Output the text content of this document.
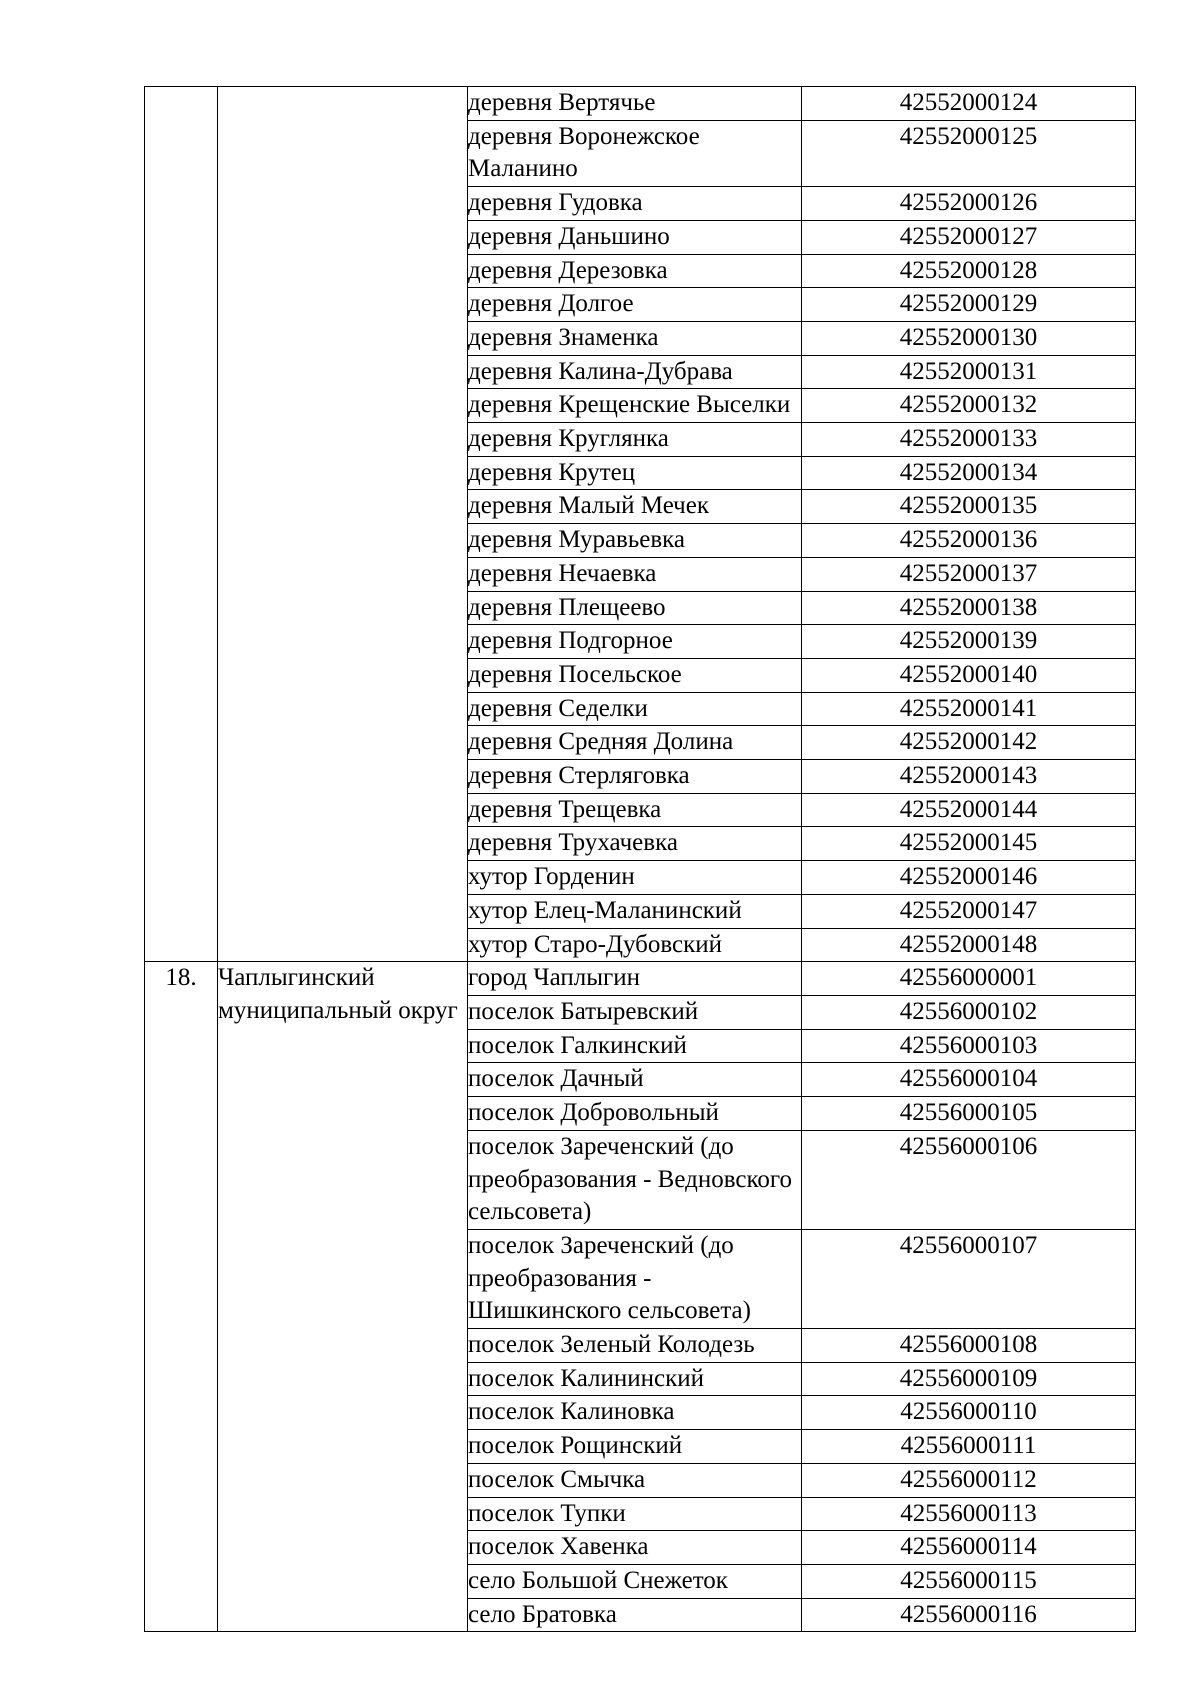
		деревня Вертячье	42552000124
		деревня Воронежское Маланино	42552000125
		деревня Гудовка	42552000126
		деревня Даньшино	42552000127
		деревня Дерезовка	42552000128
		деревня Долгое	42552000129
		деревня Знаменка	42552000130
		деревня Калина-Дубрава	42552000131
		деревня Крещенские Выселки	42552000132
		деревня Круглянка	42552000133
		деревня Крутец	42552000134
		деревня Малый Мечек	42552000135
		деревня Муравьевка	42552000136
		деревня Нечаевка	42552000137
		деревня Плещеево	42552000138
		деревня Подгорное	42552000139
		деревня Посельское	42552000140
		деревня Седелки	42552000141
		деревня Средняя Долина	42552000142
		деревня Стерляговка	42552000143
		деревня Трещевка	42552000144
		деревня Трухачевка	42552000145
		хутор Горденин	42552000146
		хутор Елец-Маланинский	42552000147
		хутор Старо-Дубовский	42552000148
18.	Чаплыгинский муниципальный округ	город Чаплыгин	42556000001
		поселок Батыревский	42556000102
		поселок Галкинский	42556000103
		поселок Дачный	42556000104
		поселок Добровольный	42556000105
		поселок Зареченский (до преобразования - Ведновского сельсовета)	42556000106
		поселок Зареченский (до преобразования - Шишкинского сельсовета)	42556000107
		поселок Зеленый Колодезь	42556000108
		поселок Калининский	42556000109
		поселок Калиновка	42556000110
		поселок Рощинский	42556000111
		поселок Смычка	42556000112
		поселок Тупки	42556000113
		поселок Хавенка	42556000114
		село Большой Снежеток	42556000115
		село Братовка	42556000116
